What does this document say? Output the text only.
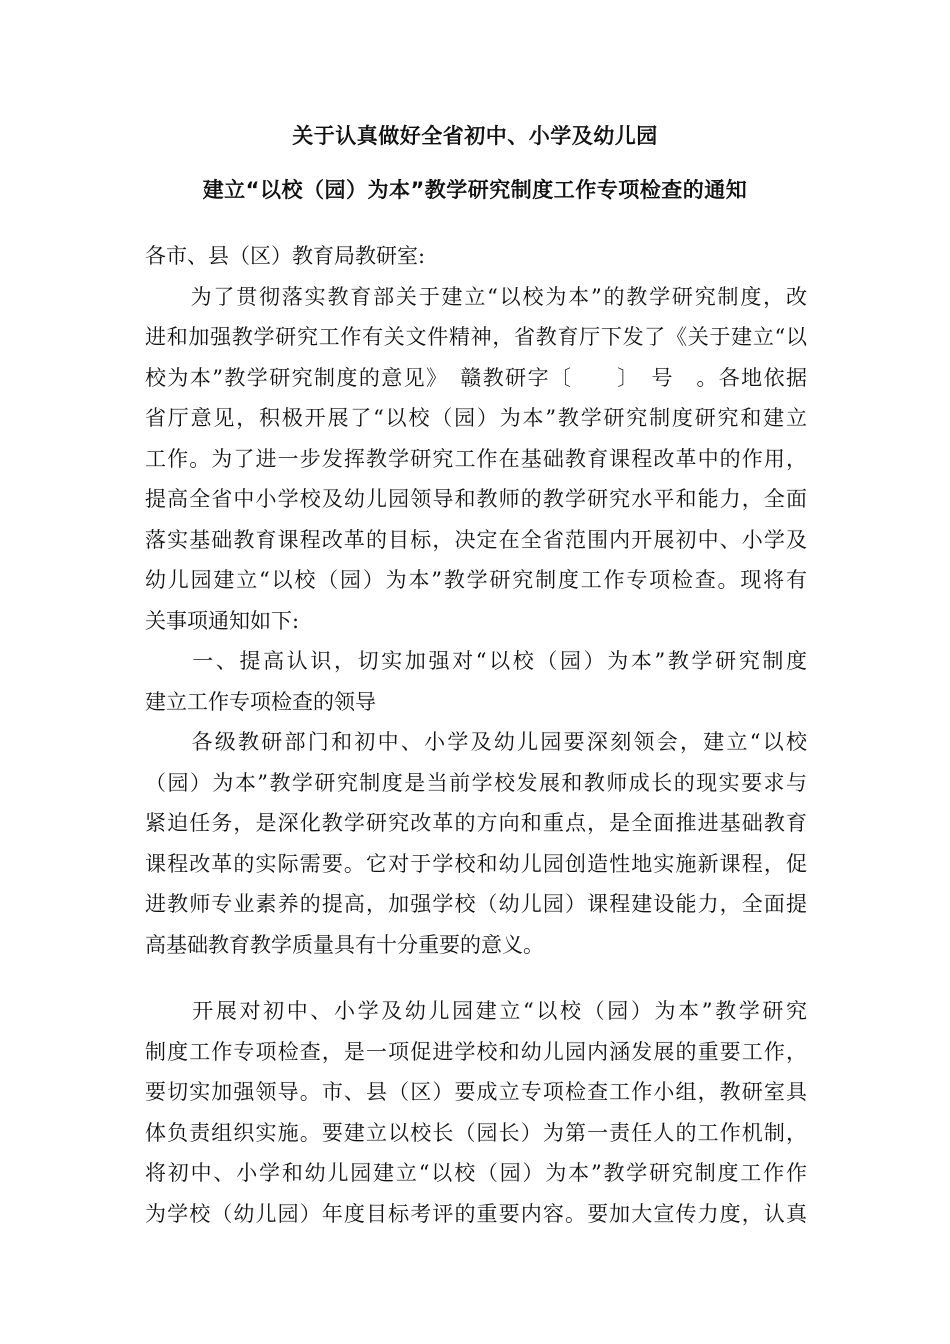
关于认真做好全省初中、小学及幼儿园
建立“以校（园）为本”教学研究制度工作专项检查的通知
各市、县（区）教育局教研室:
　　为了贯彻落实教育部关于建立“以校为本”的教学研究制度，改
进和加强教学研究工作有关文件精神，省教育厅下发了《关于建立“以
校为本”教学研究制度的意见》　赣教研字〔　　〕　号　。各地依据
省厅意见，积极开展了“以校（园）为本”教学研究制度研究和建立
工作。为了进一步发挥教学研究工作在基础教育课程改革中的作用，
提高全省中小学校及幼儿园领导和教师的教学研究水平和能力，全面
落实基础教育课程改革的目标，决定在全省范围内开展初中、小学及
幼儿园建立“以校（园）为本”教学研究制度工作专项检查。现将有
关事项通知如下:
　　一、提高认识，切实加强对“以校（园）为本”教学研究制度
建立工作专项检查的领导
　　各级教研部门和初中、小学及幼儿园要深刻领会，建立“以校
（园）为本”教学研究制度是当前学校发展和教师成长的现实要求与
紧迫任务，是深化教学研究改革的方向和重点，是全面推进基础教育
课程改革的实际需要。它对于学校和幼儿园创造性地实施新课程，促
进教师专业素养的提高，加强学校（幼儿园）课程建设能力，全面提
高基础教育教学质量具有十分重要的意义。
　　开展对初中、小学及幼儿园建立“以校（园）为本”教学研究
制度工作专项检查，是一项促进学校和幼儿园内涵发展的重要工作，
要切实加强领导。市、县（区）要成立专项检查工作小组，教研室具
体负责组织实施。要建立以校长（园长）为第一责任人的工作机制，
将初中、小学和幼儿园建立“以校（园）为本”教学研究制度工作作
为学校（幼儿园）年度目标考评的重要内容。要加大宣传力度，认真
